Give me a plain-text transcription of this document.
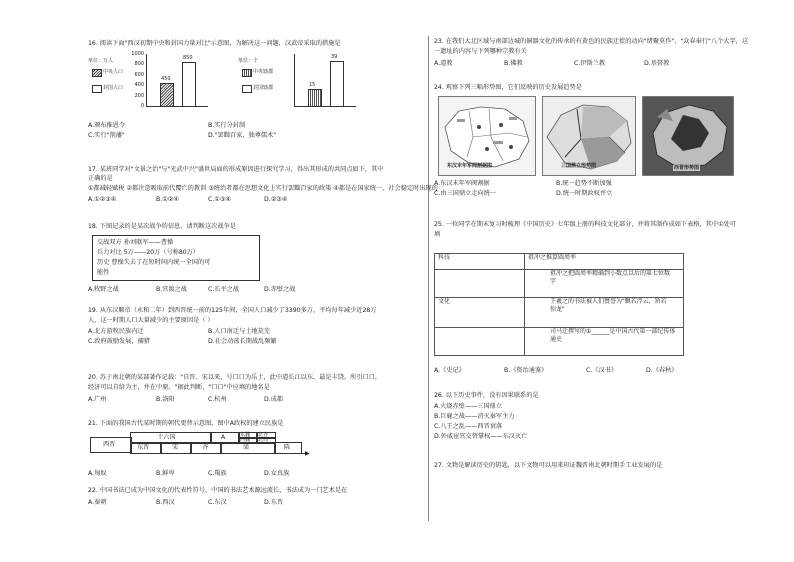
16. 阅读下面"西汉初期中央和封国力量对比"示意图，为解决这一问题，汉武帝采取的措施是
单位：万人
中央人口
封国人口
1000
800
600
400
200
0
450
850
单位：个
中央辖郡
封国辖郡
15
39
A.颁布推恩令	B.实行分封制
C.实行"削藩"	D."罢黜百家，独尊儒术"
17. 某班同学对"文景之治"与"光武中兴"盛世局面的形成原因进行探究学习，得出其形成的共同点如下，其中
正确的是
①都减轻赋税 ②都注意吸取前代覆亡的教训 ③统治者都在思想文化上实行罢黜百家的政策 ④都是在国家统一，社会稳定时出现的
A.①②③④	B.①②④	C.①③④	D.②③④
18. 下图记录的是某次战争的信息，请判断这次战争是
交战双方 孙刘联军——曹操
兵力对比 5万——20万（号称80万）
历史 曹操失去了在短时间内统一全国的可
能性
A.牧野之战	B.官渡之战	C.长平之战	D.赤壁之战
19. 从东汉顺帝（永和二年）到西晋统一前的125年间，全国人口减少了3390多万，平均每年减少近28万
人，这一时期人口大量减少的主要原因是（ ）
A.北方游牧民族内迁	B.人口南迁与土地荒芜
C.政府鼓励发展，捕猎	D.社会动荡长期战乱频繁
20. 苏于南北朝的某部著作记载："自晋、宋以来，号口口为乐土，此中道长江以东，最是丰饶。所引口口，
经济可以自给为主，并在中原。"据此判断，"口口"中应填的地名是
A.广州	B.洛阳	C.杭州	D.成都
21. 下面的我国古代某时期的朝代更替示意图，图中A政权的建立民族是
十六国	A	东魏
西魏
北齐
北周
西晋	东晋	宋	齐	梁	陈
▶
A.匈奴	B.鲜卑	C.羯族	D.女真族
22. 中国书法已成为中国文化的代表性符号，中国的书法艺术源远流长，书法成为一门艺术是在
A.秦朝	B.西汉	C.东汉	D.东晋
23. 在我们大北区域与南部边城的铜器文化的传承的有黄色的民族迁徙的动向"绪聚莫作"、"众春奉行"八个大字，这
一遗址的内容与下列哪种宗教有关
A.道教	B.佛教	C.伊斯兰教	D.基督教
24. 观察下列三幅形势图，它们反映的历史发展趋势是
东汉末年军阀割据图	三国鼎立形势图	西晋形势图
A.东汉末年军阀割据	B.统一趋势不断加强
C.由三国鼎立走向统一	D.统一时期政权并立
25. 一位同学在期末复习时梳理《中国历史》七年级上册的科技文化部分，并将其制作成如下表格，其中①处可
填
科技	祖冲之推算圆周率

	祖冲之把圆周率精确到小数点以后的第七位数字

文化	王羲之的书法被人们赞誉为"飘若浮云，矫若惊龙"

	司马迁撰写的①______是中国古代第一部纪传体通史
A.《史记》	B.《资治通鉴》	C.《汉书》	D.《春秋》
26. 以下历史事件，没有因果联系的是
A.火烧赤壁——三国鼎立
B.巨鹿之战——消灭秦军主力
C.八王之乱——西晋衰落
D.外戚宦官交替掌权——东汉灭亡
27. 文物是解读历史的钥匙，以下文物可以用来印证魏晋南北朝时期手工业发展的是
